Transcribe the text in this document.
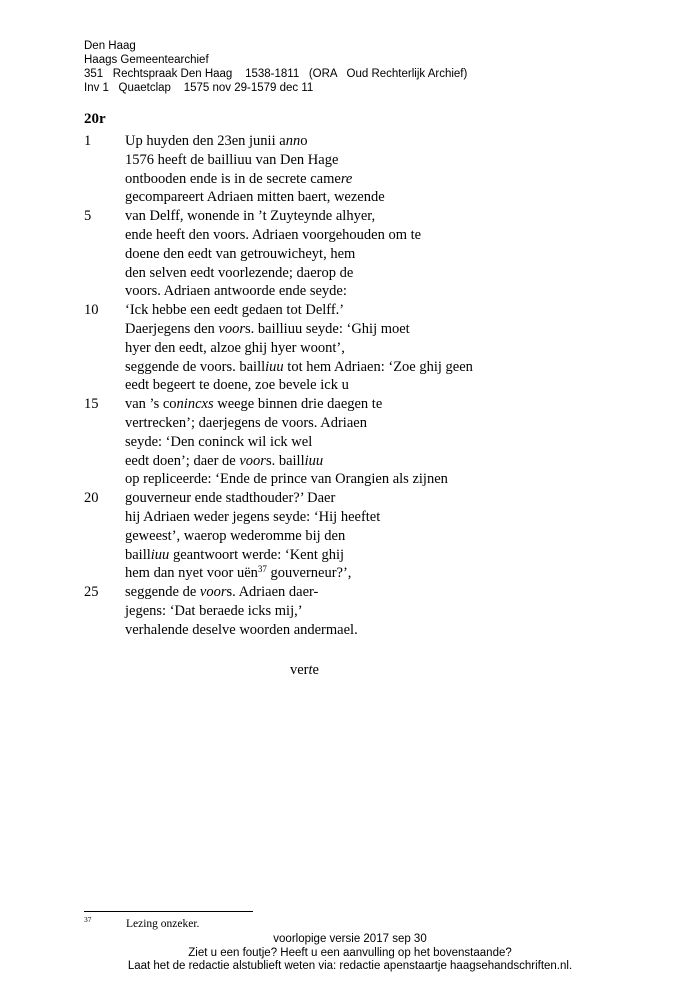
Den Haag
Haags Gemeentearchief
351   Rechtspraak Den Haag    1538-1811   (ORA   Oud Rechterlijk Archief)
Inv 1   Quaetclap    1575 nov 29-1579 dec 11
20r
1	Up huyden den 23en junii anno
1576 heeft de bailliuu van Den Hage
ontbooden ende is in de secrete camere
gecompareert Adriaen mitten baert, wezende
5	van Delff, wonende in ’t Zuyteynde alhyer,
ende heeft den voors. Adriaen voorgehouden om te
doene den eedt van getrouwicheyt, hem
den selven eedt voorlezende; daerop de
voors. Adriaen antwoorde ende seyde:
10	‘Ick hebbe een eedt gedaen tot Delff.’
Daerjegens den voors. bailliuu seyde: ‘Ghij moet
hyer den eedt, alzoe ghij hyer woont’,
seggende de voors. bailliuu tot hem Adriaen: ‘Zoe ghij geen
eedt begeert te doene, zoe bevele ick u
15	van ’s conincxs weege binnen drie daegen te
vertrecken’; daerjegens de voors. Adriaen
seyde: ‘Den coninck wil ick wel
eedt doen’; daer de voors. bailliuu
op repliceerde: ‘Ende de prince van Orangien als zijnen
20	gouverneur ende stadthouder?’ Daer
hij Adriaen weder jegens seyde: ‘Hij heeftet
geweest’, waerop wederomme bij den
bailliuu geantwoort werde: ‘Kent ghij
hem dan nyet voor uën$^{37}$ gouverneur?’,
25	seggende de voors. Adriaen daer-
jegens: ‘Dat beraede icks mij,’
verhalende deselve woorden andermael.
verte
37	Lezing onzeker.
voorlopige versie 2017 sep 30
Ziet u een foutje? Heeft u een aanvulling op het bovenstaande?
Laat het de redactie alstublieft weten via: redactie apenstaartje haagsehandschriften.nl.
